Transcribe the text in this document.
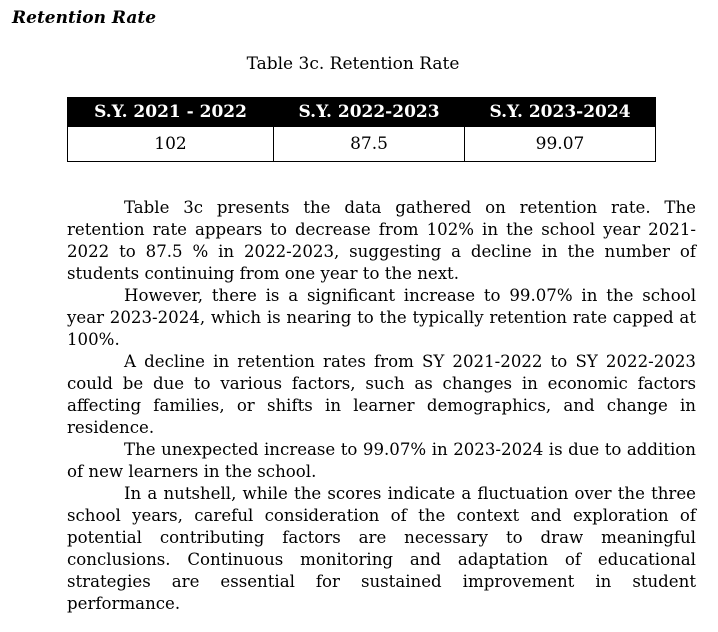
Retention Rate
Table 3c. Retention Rate
S.Y. 2021 - 2022	S.Y. 2022-2023	S.Y. 2023-2024
102	87.5	99.07

Table 3c presents the data gathered on retention rate. The retention rate appears to decrease from 102% in the school year 2021-2022 to 87.5 % in 2022-2023, suggesting a decline in the number of students continuing from one year to the next.

However, there is a significant increase to 99.07% in the school year 2023-2024, which is nearing to the typically retention rate capped at 100%.

A decline in retention rates from SY 2021-2022 to SY 2022-2023 could be due to various factors, such as changes in economic factors affecting families, or shifts in learner demographics, and change in residence.

The unexpected increase to 99.07% in 2023-2024 is due to addition of new learners in the school.

In a nutshell, while the scores indicate a fluctuation over the three school years, careful consideration of the context and exploration of potential contributing factors are necessary to draw meaningful conclusions. Continuous monitoring and adaptation of educational strategies are essential for sustained improvement in student performance.
